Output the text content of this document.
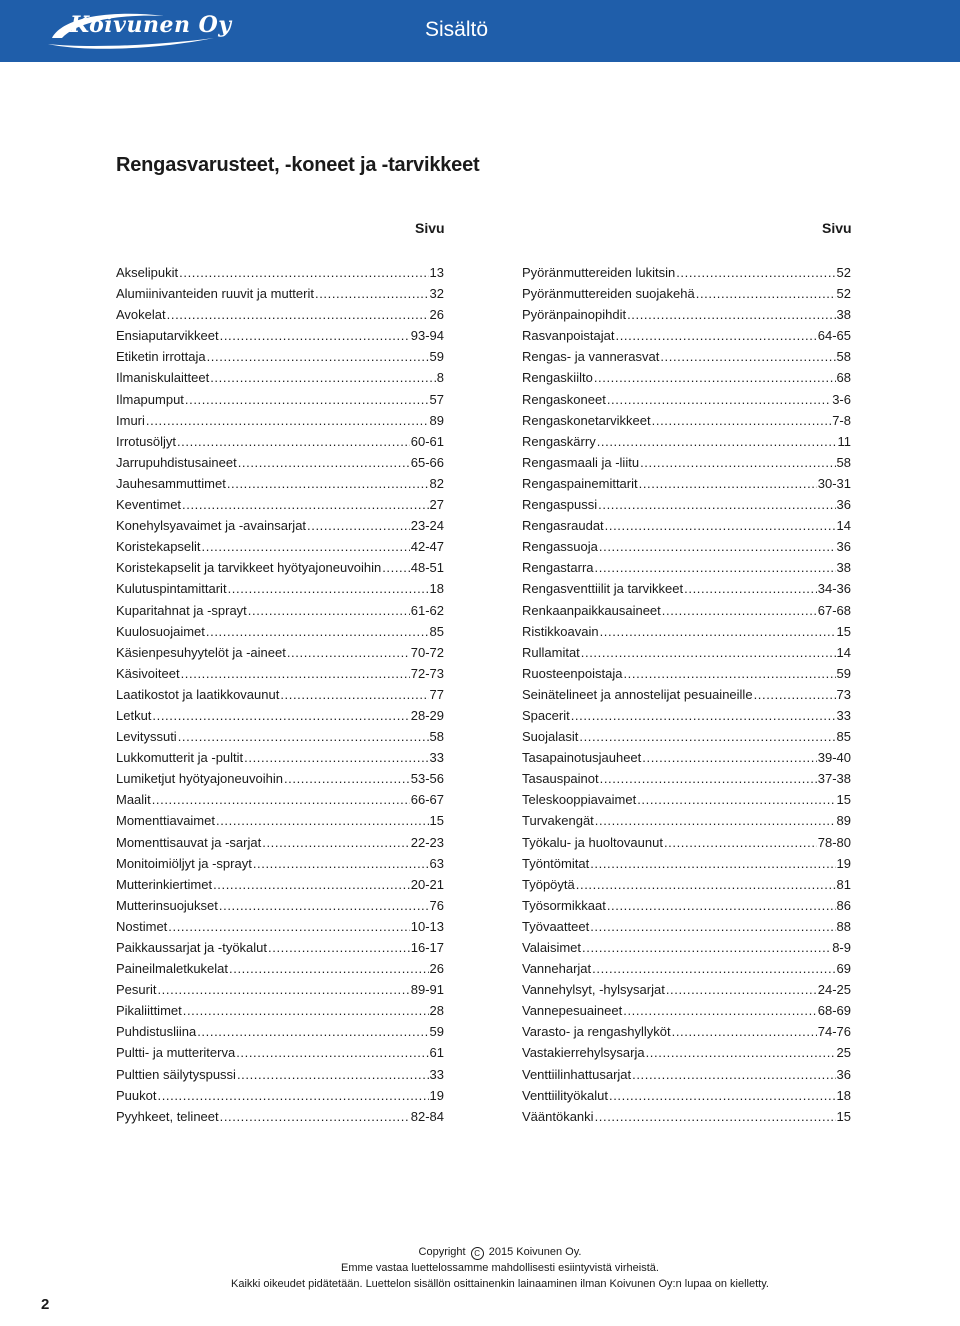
Koivunen Oy	Sisältö
Rengasvarusteet, -koneet ja -tarvikkeet
Sivu	Sivu
Akselipukit .....	13
Alumiinivanteiden ruuvit ja mutterit .....	32
Avokelat .....	26
Ensiaputarvikkeet .....	93-94
Etiketin irrottaja .....	59
Ilmaniskulaitteet .....	8
Ilmapumput .....	57
Imuri .....	89
Irrotusöljyt .....	60-61
Jarrupuhdistusaineet .....	65-66
Jauhesammuttimet .....	82
Keventimet .....	27
Konehylsyavaimet ja -avainsarjat .....	23-24
Koristekapselit .....	42-47
Koristekapselit ja tarvikkeet hyötyajoneuvoihin ..... 48-51
Kulutuspintamittarit .....	18
Kuparitahnat ja -sprayt .....	61-62
Kuulosuojaimet .....	85
Käsienpesuhyytelöt ja -aineet .....	70-72
Käsivoiteet .....	72-73
Laatikostot ja laatikkovaunut .....	77
Letkut .....	28-29
Levityssuti .....	58
Lukkomutterit ja -pultit .....	33
Lumiketjut hyötyajoneuvoihin .....	53-56
Maalit .....	66-67
Momenttiavaimet .....	15
Momenttisauvat ja -sarjat .....	22-23
Monitoimiöljyt ja -sprayt .....	63
Mutterinkiertimet .....	20-21
Mutterinsuojukset .....	76
Nostimet .....	10-13
Paikkaussarjat ja -työkalut .....	16-17
Paineilmaletkukelat .....	26
Pesurit .....	89-91
Pikaliittimet .....	28
Puhdistusliina .....	59
Pultti- ja mutteriterva .....	61
Pulttien säilytyspussi .....	33
Puukot .....	19
Pyyhkeet, telineet .....	82-84
Pyöränmuttereiden lukitsin .....	52
Pyöränmuttereiden suojakehä .....	52
Pyöränpainopihdit .....	38
Rasvanpoistajat .....	64-65
Rengas- ja vannerasvat .....	58
Rengaskiilto .....	68
Rengaskoneet .....	3-6
Rengaskonetarvikkeet .....	7-8
Rengaskärry .....	11
Rengasmaali ja -liitu .....	58
Rengaspainemittarit .....	30-31
Rengaspussi .....	36
Rengasraudat .....	14
Rengassuoja .....	36
Rengastarra .....	38
Rengasventtiilit ja tarvikkeet .....	34-36
Renkaanpaikkausaineet .....	67-68
Ristikkoavain .....	15
Rullamitat .....	14
Ruosteenpoistaja .....	59
Seinätelineet ja annostelijat pesuaineille .....	73
Spacerit .....	33
Suojalasit .....	85
Tasapainotusjauheet .....	39-40
Tasauspainot .....	37-38
Teleskooppiavaimet .....	15
Turvakengät .....	89
Työkalu- ja huoltovaunut .....	78-80
Työntömitat .....	19
Työpöytä .....	81
Työsormikkaat .....	86
Työvaatteet .....	88
Valaisimet .....	8-9
Vanneharjat .....	69
Vannehylsyt, -hylsysarjat .....	24-25
Vannepesuaineet .....	68-69
Varasto- ja rengashyllyköt .....	74-76
Vastakierrehylsysarja .....	25
Venttiilinhattusarjat .....	36
Venttiilityökalut .....	18
Vääntökanki .....	15
Copyright C 2015 Koivunen Oy.
Emme vastaa luettelossamme mahdollisesti esiintyvistä virheistä.
Kaikki oikeudet pidätetään. Luettelon sisällön osittainenkin lainaaminen ilman Koivunen Oy:n lupaa on kielletty.
2
